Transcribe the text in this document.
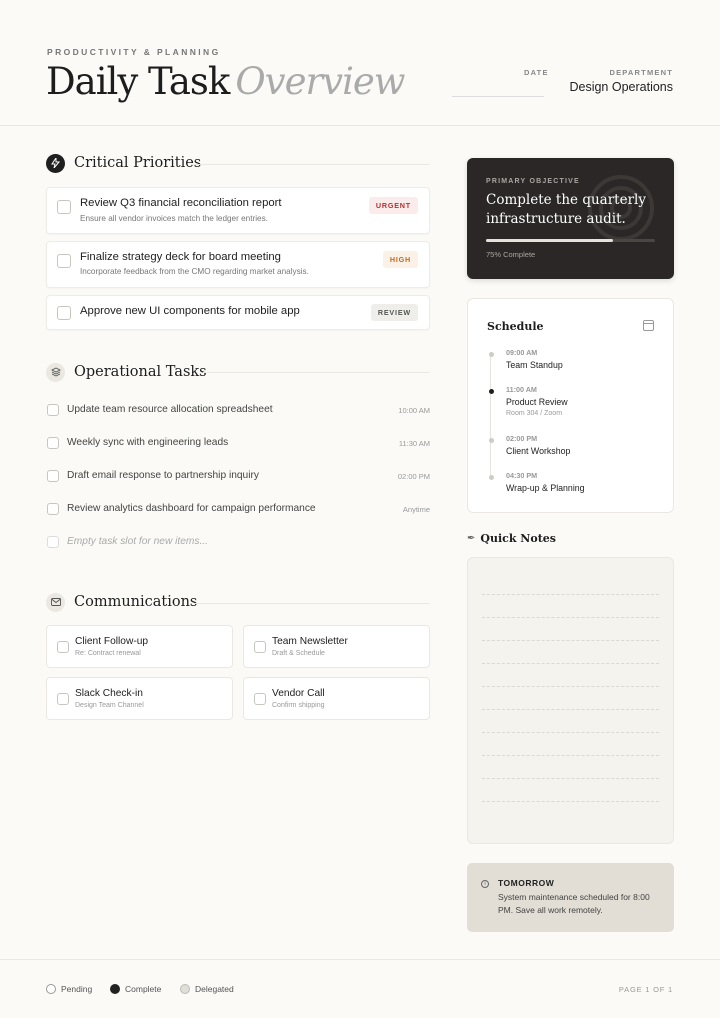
PRODUCTIVITY & PLANNING
Daily Task Overview	DATE	DEPARTMENT
Design Operations
Critical Priorities
Review Q3 financial reconciliation report
Ensure all vendor invoices match the ledger entries.
URGENT
Finalize strategy deck for board meeting
Incorporate feedback from the CMO regarding market analysis.
HIGH
Approve new UI components for mobile app	REVIEW
Operational Tasks
Update team resource allocation spreadsheet	10:00 AM
Weekly sync with engineering leads	11:30 AM
Draft email response to partnership inquiry	02:00 PM
Review analytics dashboard for campaign performance	Anytime
Empty task slot for new items...
Communications
Client Follow-up
Re: Contract renewal
Team Newsletter
Draft & Schedule
Slack Check-in
Design Team Channel
Vendor Call
Confirm shipping
PRIMARY OBJECTIVE
Complete the quarterly infrastructure audit.
75% Complete
Schedule
09:00 AM
Team Standup
11:00 AM
Product Review
Room 304 / Zoom
02:00 PM
Client Workshop
04:30 PM
Wrap-up & Planning
✒ Quick Notes
i	TOMORROW
System maintenance scheduled for 8:00 PM. Save all work remotely.
Pending	Complete	Delegated	PAGE 1 OF 1
